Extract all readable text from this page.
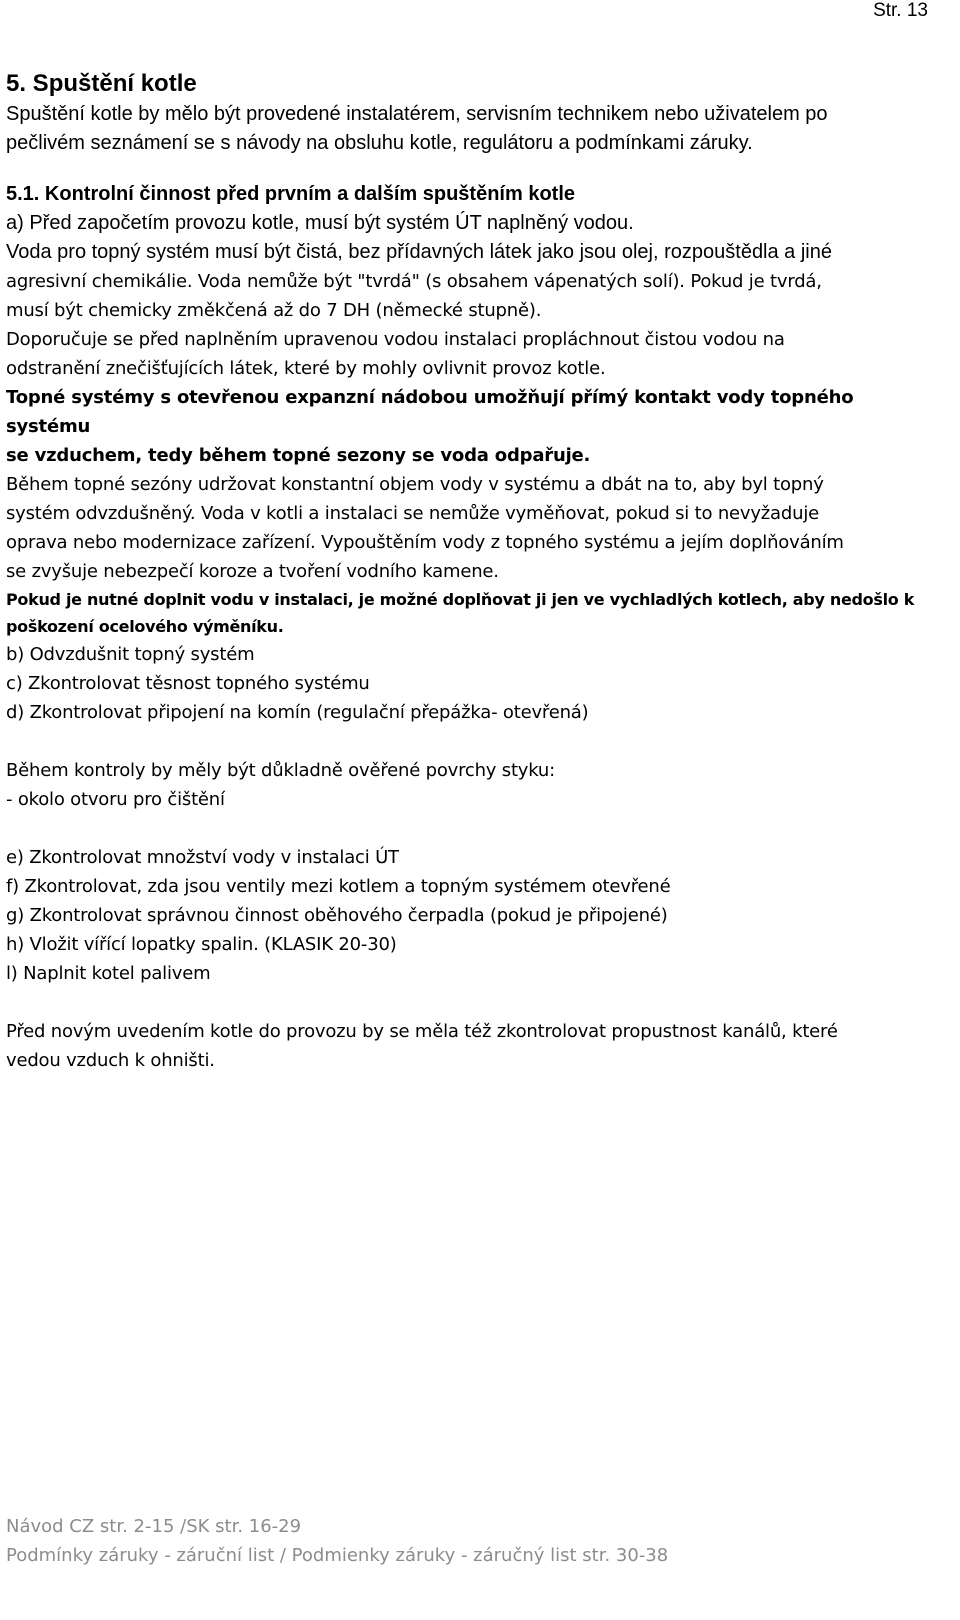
Str. 13
5. Spuštění kotle
Spuštění kotle by mělo být provedené instalatérem, servisním technikem nebo uživatelem po
pečlivém seznámení se s návody na obsluhu kotle, regulátoru a podmínkami záruky.
5.1. Kontrolní činnost před prvním a dalším spuštěním kotle
a) Před započetím provozu kotle, musí být systém ÚT naplněný vodou.
Voda pro topný systém musí být čistá, bez přídavných látek jako jsou olej, rozpouštědla a jiné
agresivní chemikálie. Voda nemůže být "tvrdá" (s obsahem vápenatých solí). Pokud je tvrdá,
musí být chemicky změkčená až do 7 DH (německé stupně).
Doporučuje se před naplněním upravenou vodou instalaci propláchnout čistou vodou na
odstranění znečišťujících látek, které by mohly ovlivnit provoz kotle.
Topné systémy s otevřenou expanzní nádobou umožňují přímý kontakt vody topného systému
se vzduchem, tedy během topné sezony se voda odpařuje.
Během topné sezóny udržovat konstantní objem vody v systému a dbát na to, aby byl topný
systém odvzdušněný. Voda v kotli a instalaci se nemůže vyměňovat, pokud si to nevyžaduje
oprava nebo modernizace zařízení. Vypouštěním vody z topného systému a jejím doplňováním
se zvyšuje nebezpečí koroze a tvoření vodního kamene.
Pokud je nutné doplnit vodu v instalaci, je možné doplňovat ji jen ve vychladlých kotlech, aby nedošlo k
poškození ocelového výměníku.
b) Odvzdušnit topný systém
c) Zkontrolovat těsnost topného systému
d) Zkontrolovat připojení na komín (regulační přepážka- otevřená)
Během kontroly by měly být důkladně ověřené povrchy styku:
- okolo otvoru pro čištění
e) Zkontrolovat množství vody v instalaci ÚT
f) Zkontrolovat, zda jsou ventily mezi kotlem a topným systémem otevřené
g) Zkontrolovat správnou činnost oběhového čerpadla (pokud je připojené)
h) Vložit vířící lopatky spalin. (KLASIK 20-30)
l) Naplnit kotel palivem
Před novým uvedením kotle do provozu by se měla též zkontrolovat propustnost kanálů, které
vedou vzduch k ohništi.
Návod CZ str. 2-15 /SK str. 16-29
Podmínky záruky - záruční list / Podmienky záruky - záručný list str. 30-38
